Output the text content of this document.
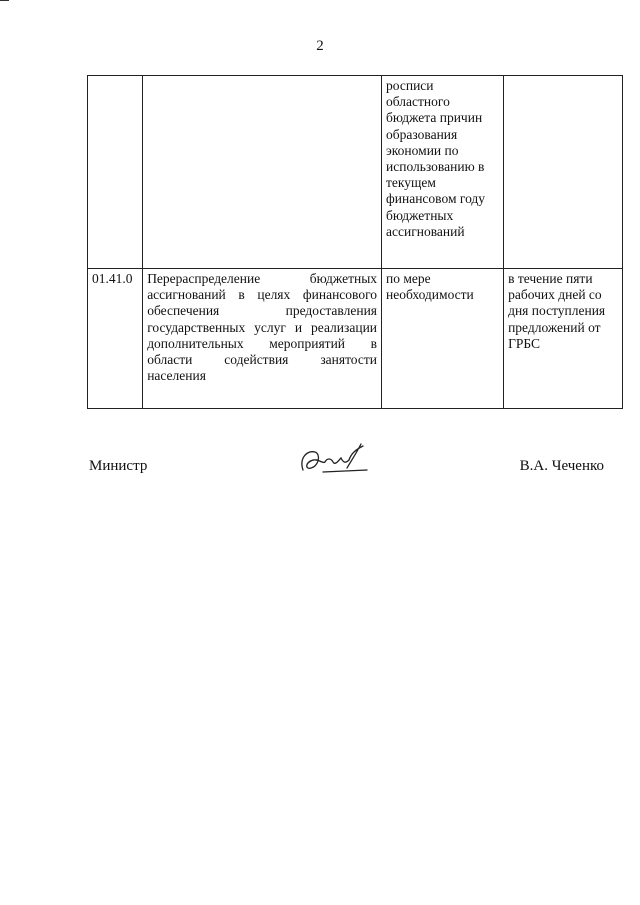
2
		росписи областного бюджета причин образования экономии по использованию в текущем финансовом году бюджетных ассигнований	
01.41.0	Перераспределение бюджетных ассигнований в целях финансового обеспечения предоставления государственных услуг и реализации дополнительных мероприятий в области содействия занятости населения	по мере необходимости	в течение пяти рабочих дней со дня поступления предложений от ГРБС
Министр	В.А. Чеченко
